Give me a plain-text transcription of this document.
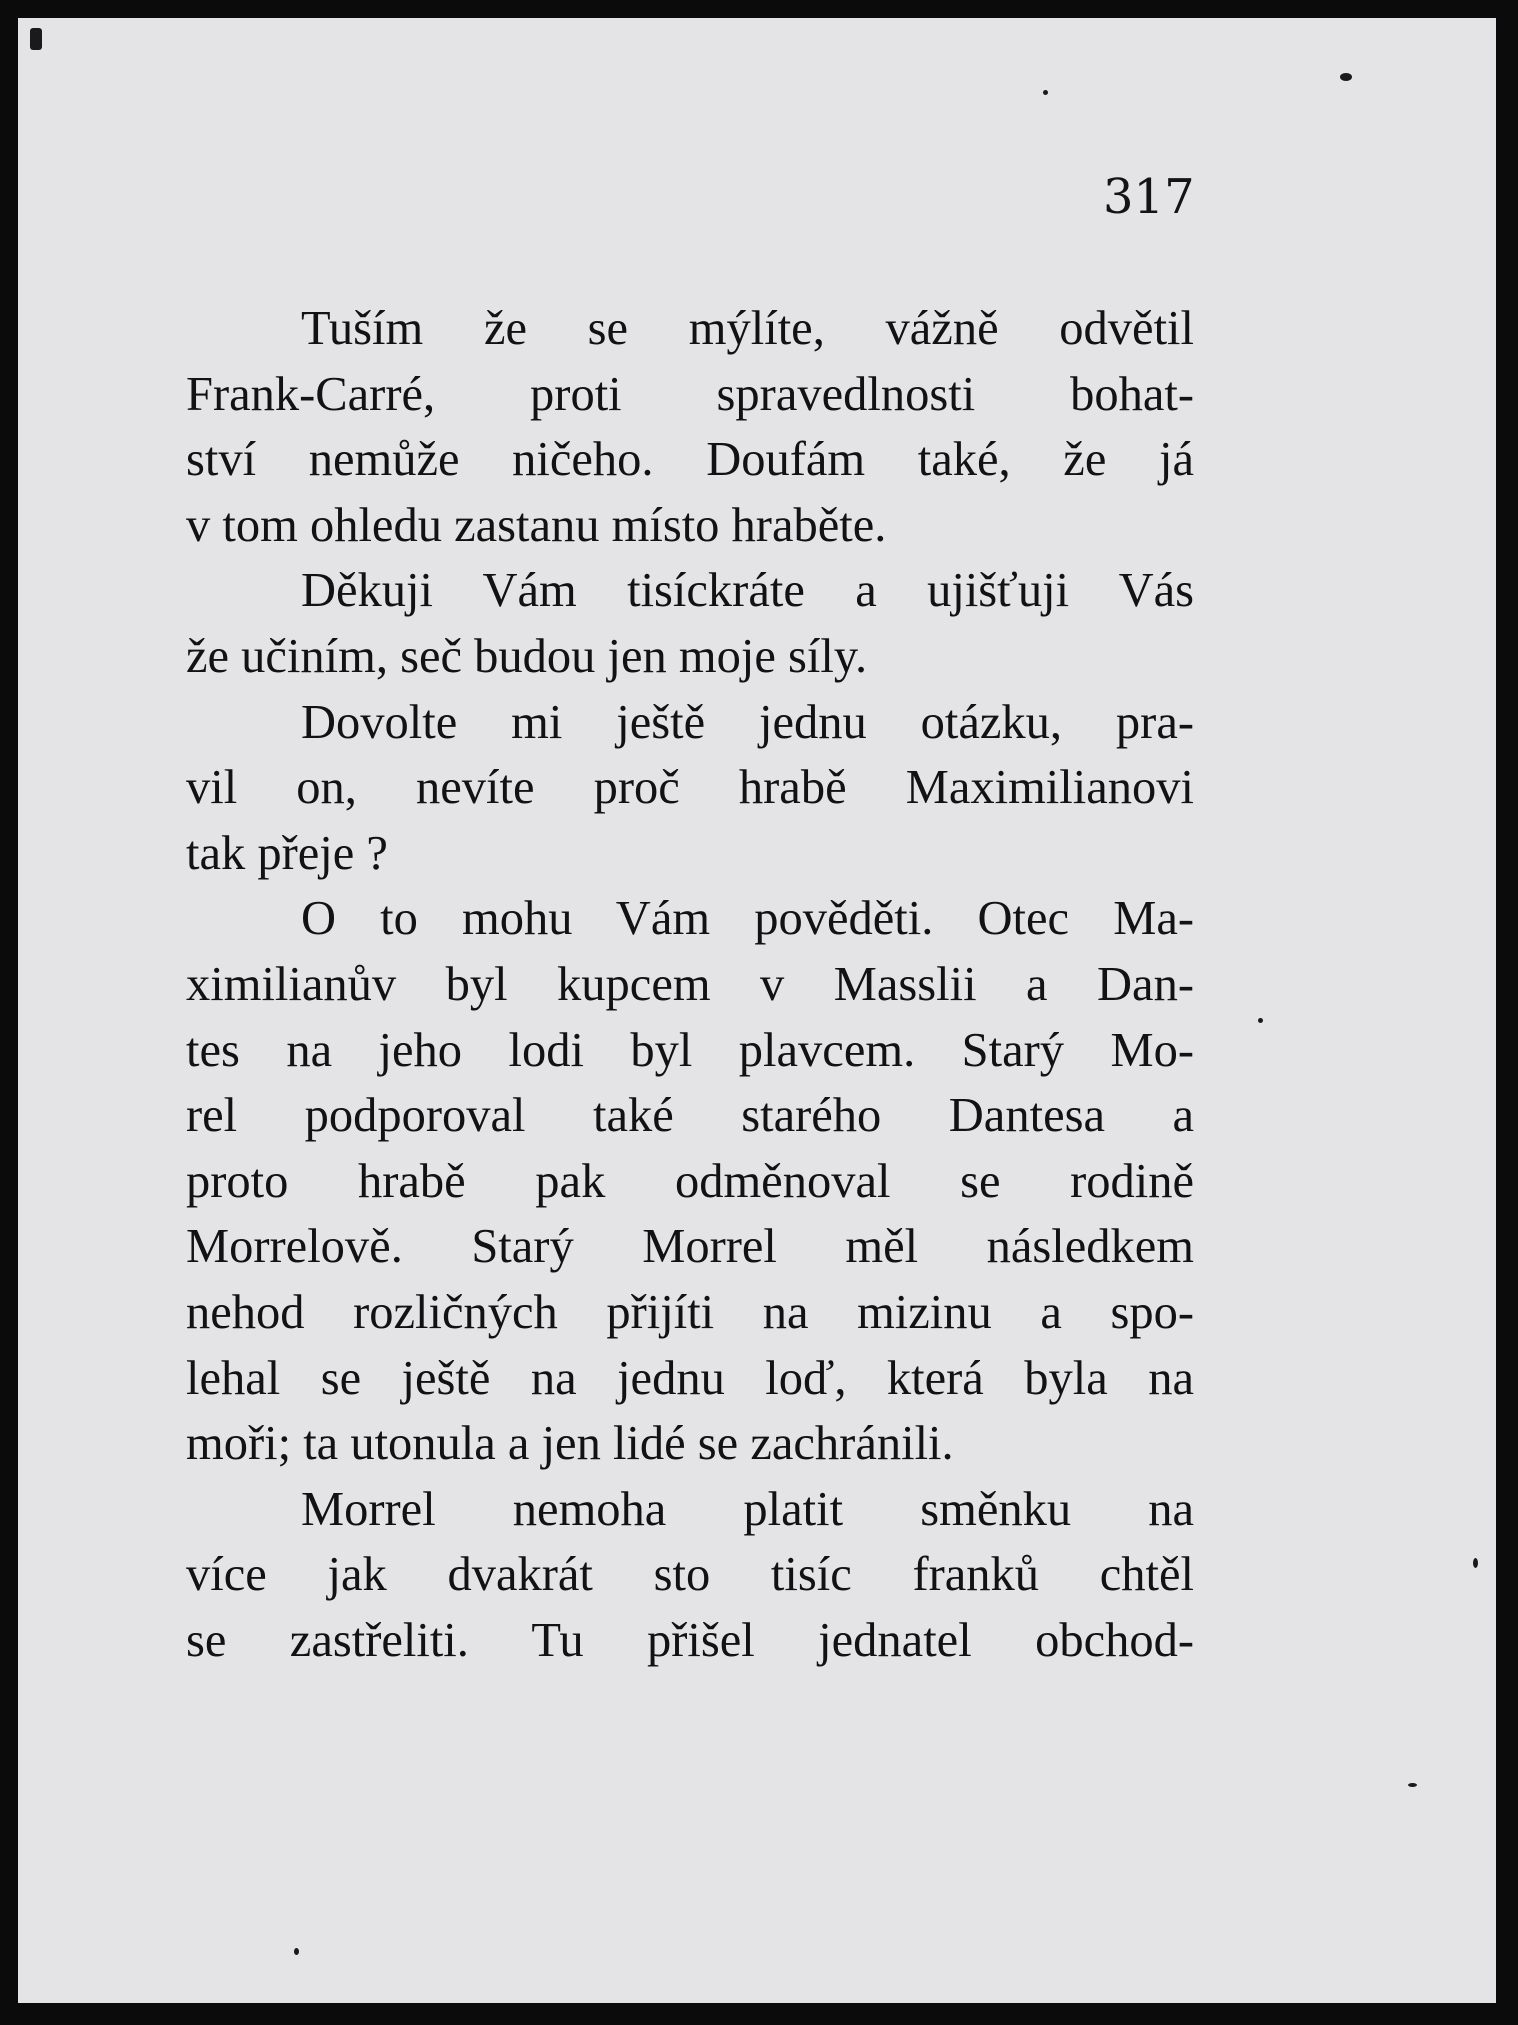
317
Tuším že se mýlíte, vážně odvětil
Frank-Carré, proti spravedlnosti bohat-
ství nemůže ničeho. Doufám také, že já
v tom ohledu zastanu místo hraběte.
Děkuji Vám tisíckráte a ujišťuji Vás
že učiním, seč budou jen moje síly.
Dovolte mi ještě jednu otázku, pra-
vil on, nevíte proč hrabě Maximilianovi
tak přeje ?
O to mohu Vám pověděti. Otec Ma-
ximilianův byl kupcem v Masslii a Dan-
tes na jeho lodi byl plavcem. Starý Mo-
rel podporoval také starého Dantesa a
proto hrabě pak odměnoval se rodině
Morrelově. Starý Morrel měl následkem
nehod rozličných přijíti na mizinu a spo-
lehal se ještě na jednu loď, která byla na
moři; ta utonula a jen lidé se zachránili.
Morrel nemoha platit směnku na
více jak dvakrát sto tisíc franků chtěl
se zastřeliti. Tu přišel jednatel obchod-
